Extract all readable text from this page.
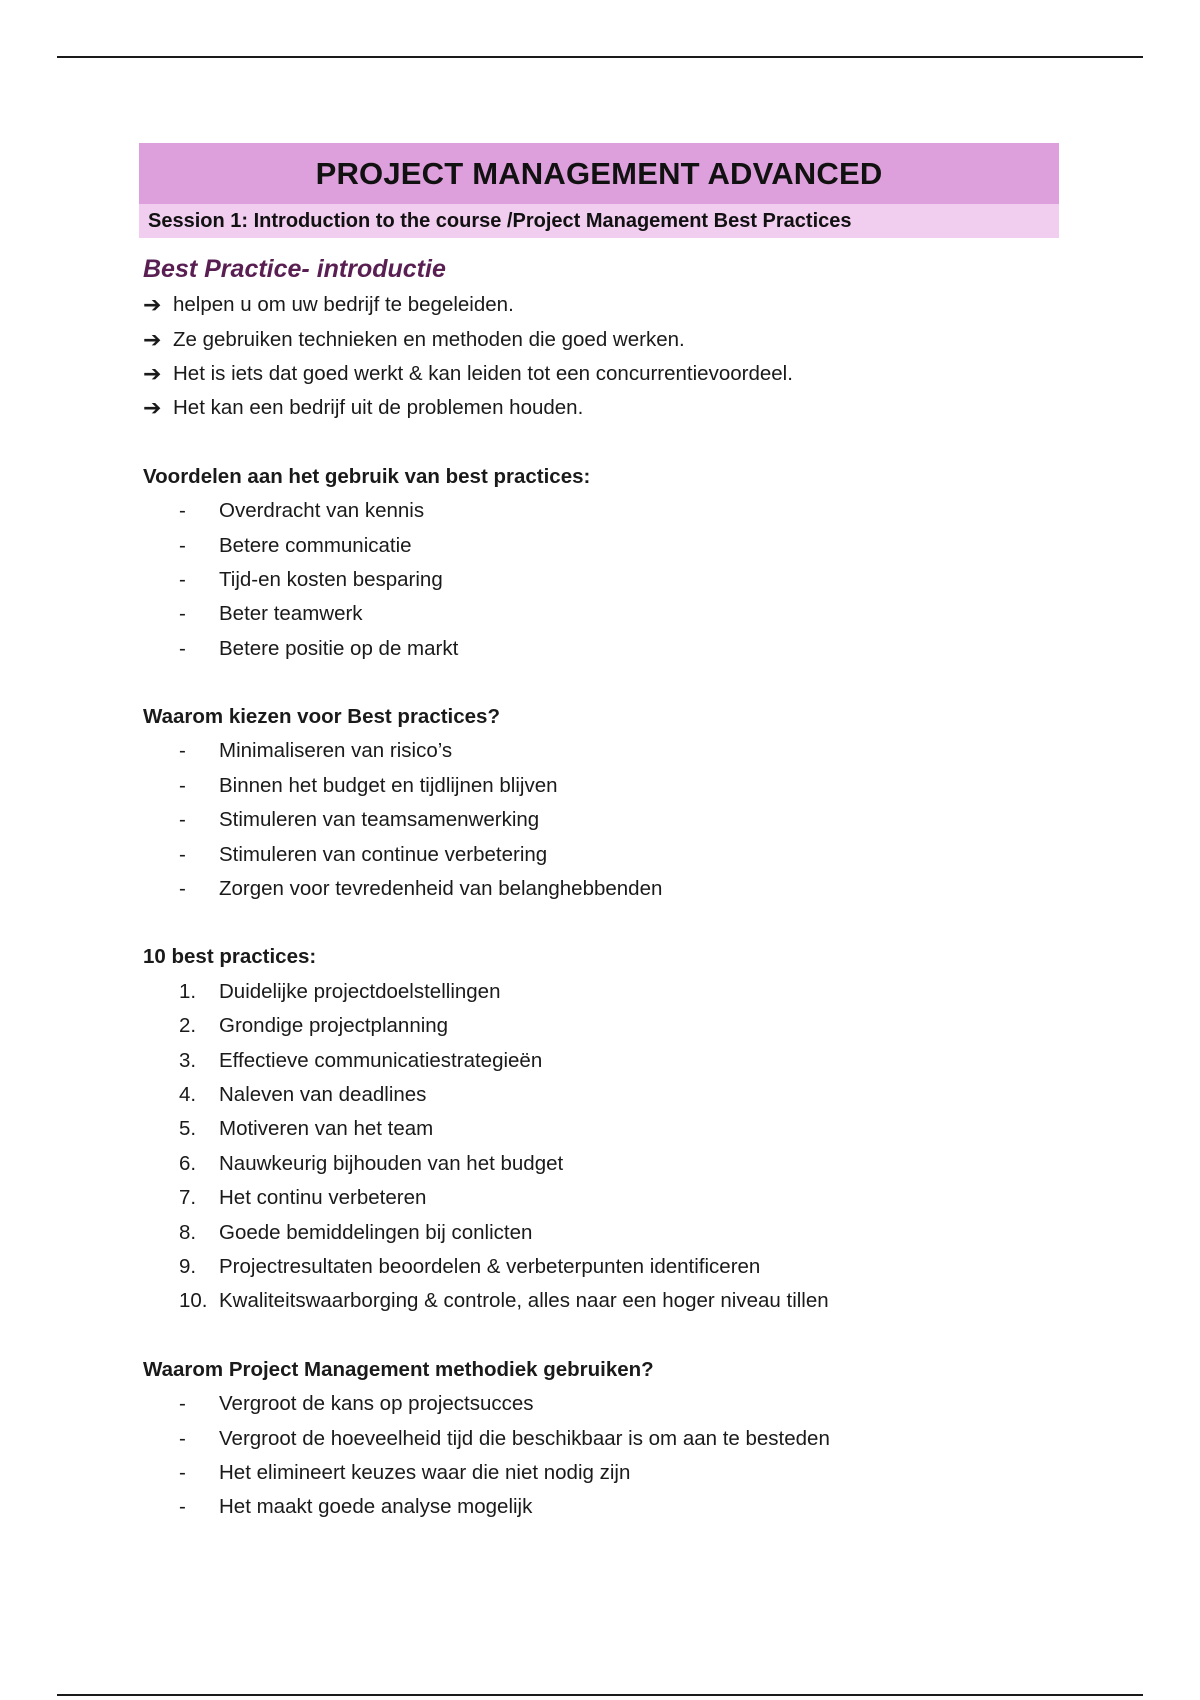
PROJECT MANAGEMENT ADVANCED
Session 1: Introduction to the course /Project Management Best Practices
Best Practice- introductie
➔ helpen u om uw bedrijf te begeleiden.
➔ Ze gebruiken technieken en methoden die goed werken.
➔ Het is iets dat goed werkt & kan leiden tot een concurrentievoordeel.
➔ Het kan een bedrijf uit de problemen houden.
Voordelen aan het gebruik van best practices:
-	Overdracht van kennis
-	Betere communicatie
-	Tijd-en kosten besparing
-	Beter teamwerk
-	Betere positie op de markt
Waarom kiezen voor Best practices?
-	Minimaliseren van risico’s
-	Binnen het budget en tijdlijnen blijven
-	Stimuleren van teamsamenwerking
-	Stimuleren van continue verbetering
-	Zorgen voor tevredenheid van belanghebbenden
10 best practices:
1.	Duidelijke projectdoelstellingen
2.	Grondige projectplanning
3.	Effectieve communicatiestrategieën
4.	Naleven van deadlines
5.	Motiveren van het team
6.	Nauwkeurig bijhouden van het budget
7.	Het continu verbeteren
8.	Goede bemiddelingen bij conlicten
9.	Projectresultaten beoordelen & verbeterpunten identificeren
10. Kwaliteitswaarborging & controle, alles naar een hoger niveau tillen
Waarom Project Management methodiek gebruiken?
-	Vergroot de kans op projectsucces
-	Vergroot de hoeveelheid tijd die beschikbaar is om aan te besteden
-	Het elimineert keuzes waar die niet nodig zijn
-	Het maakt goede analyse mogelijk
